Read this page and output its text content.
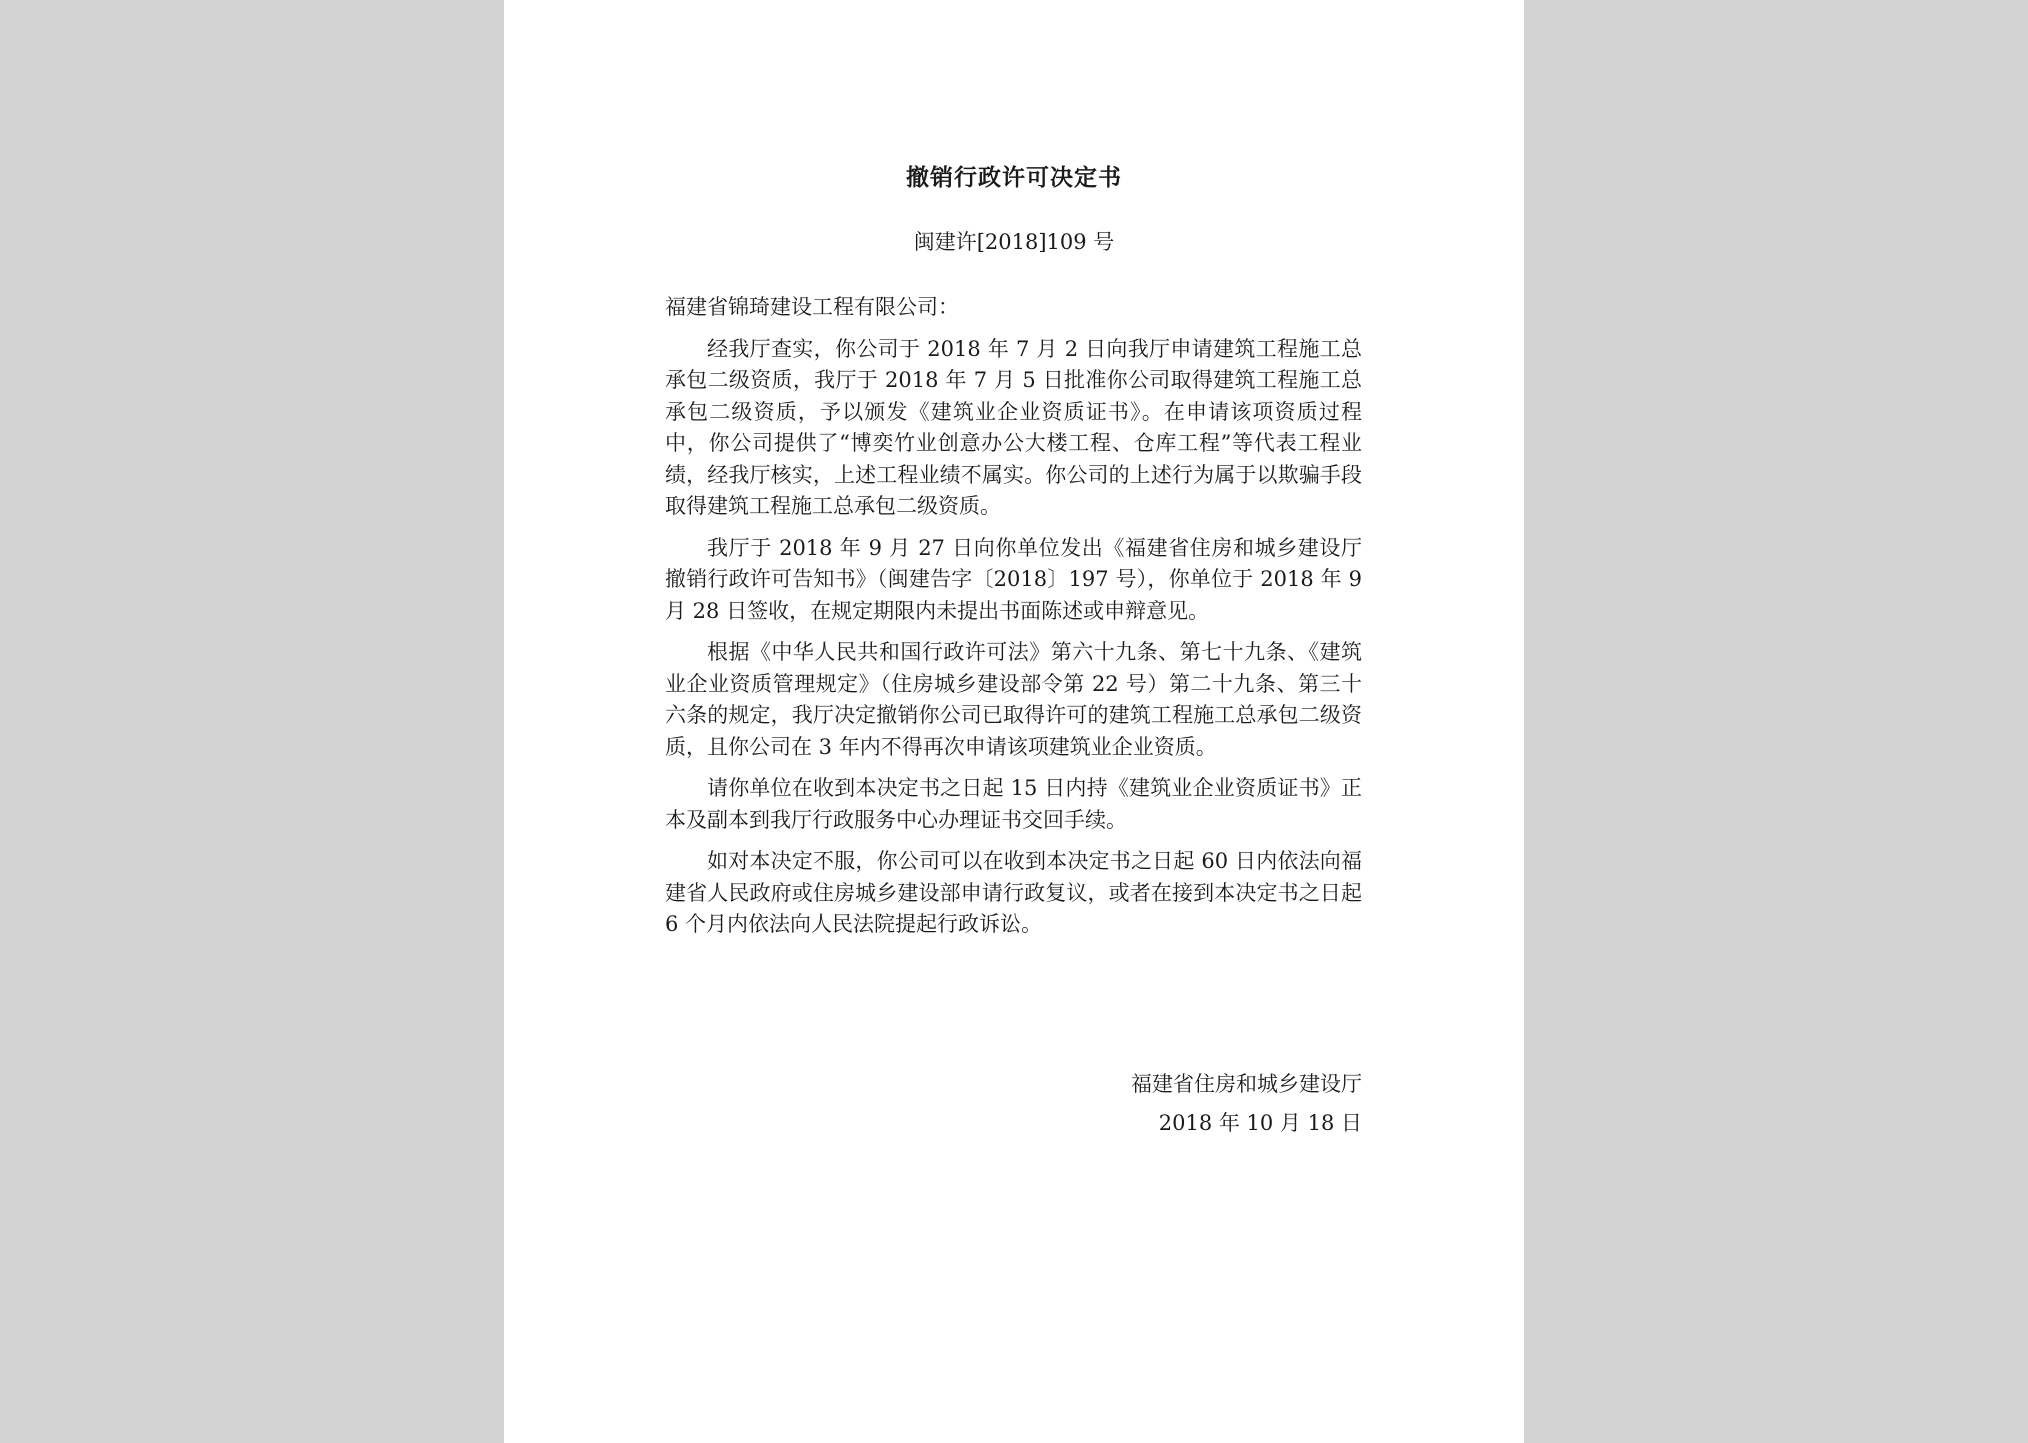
撤销行政许可决定书
闽建许[2018]109 号
福建省锦琦建设工程有限公司：

经我厅查实，你公司于 2018 年 7 月 2 日向我厅申请建筑工程施工总承包二级资质，我厅于 2018 年 7 月 5 日批准你公司取得建筑工程施工总承包二级资质，予以颁发《建筑业企业资质证书》。在申请该项资质过程中，你公司提供了“博奕竹业创意办公大楼工程、仓库工程”等代表工程业绩，经我厅核实，上述工程业绩不属实。你公司的上述行为属于以欺骗手段取得建筑工程施工总承包二级资质。

我厅于 2018 年 9 月 27 日向你单位发出《福建省住房和城乡建设厅撤销行政许可告知书》（闽建告字〔2018〕197 号），你单位于 2018 年 9 月 28 日签收，在规定期限内未提出书面陈述或申辩意见。

根据《中华人民共和国行政许可法》第六十九条、第七十九条、《建筑业企业资质管理规定》（住房城乡建设部令第 22 号）第二十九条、第三十六条的规定，我厅决定撤销你公司已取得许可的建筑工程施工总承包二级资质，且你公司在 3 年内不得再次申请该项建筑业企业资质。

请你单位在收到本决定书之日起 15 日内持《建筑业企业资质证书》正本及副本到我厅行政服务中心办理证书交回手续。

如对本决定不服，你公司可以在收到本决定书之日起 60 日内依法向福建省人民政府或住房城乡建设部申请行政复议，或者在接到本决定书之日起 6 个月内依法向人民法院提起行政诉讼。

福建省住房和城乡建设厅
2018 年 10 月 18 日
